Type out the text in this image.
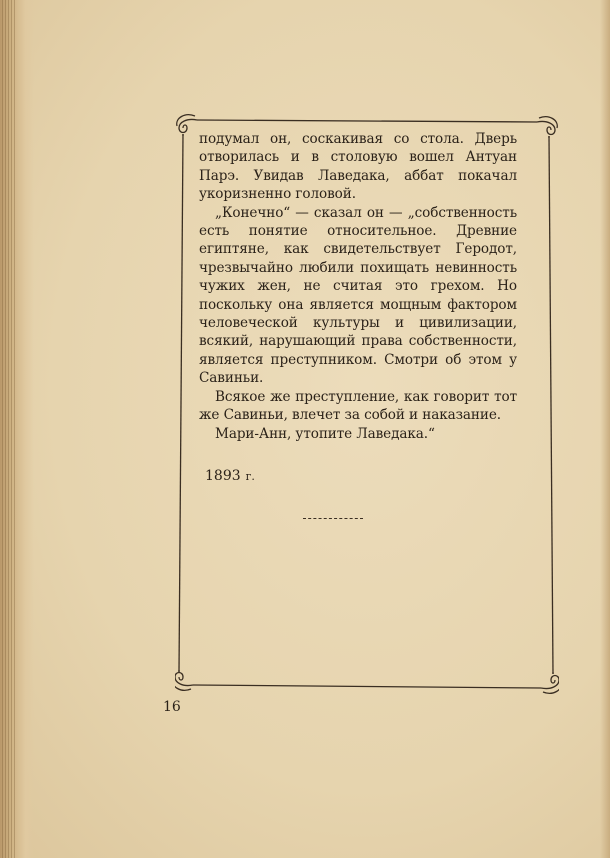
подумал он, соскакивая со стола. Дверь отворилась и в столовую вошел Антуан Парэ. Увидав Лаведака, аббат покачал укоризненно головой.

„Конечно“ — сказал он — „собственность есть понятие относительное. Древние египтяне, как свидетельствует Геродот, чрезвычайно любили похищать невинность чужих жен, не считая это грехом. Но поскольку она является мощным фактором человеческой культуры и цивилизации, всякий, нарушающий права собственности, является преступником. Смотри об этом у Савиньи.

Всякое же преступление, как говорит тот же Савиньи, влечет за собой и наказание.

Мари-Анн, утопите Лаведака.“

1893 г.
16
